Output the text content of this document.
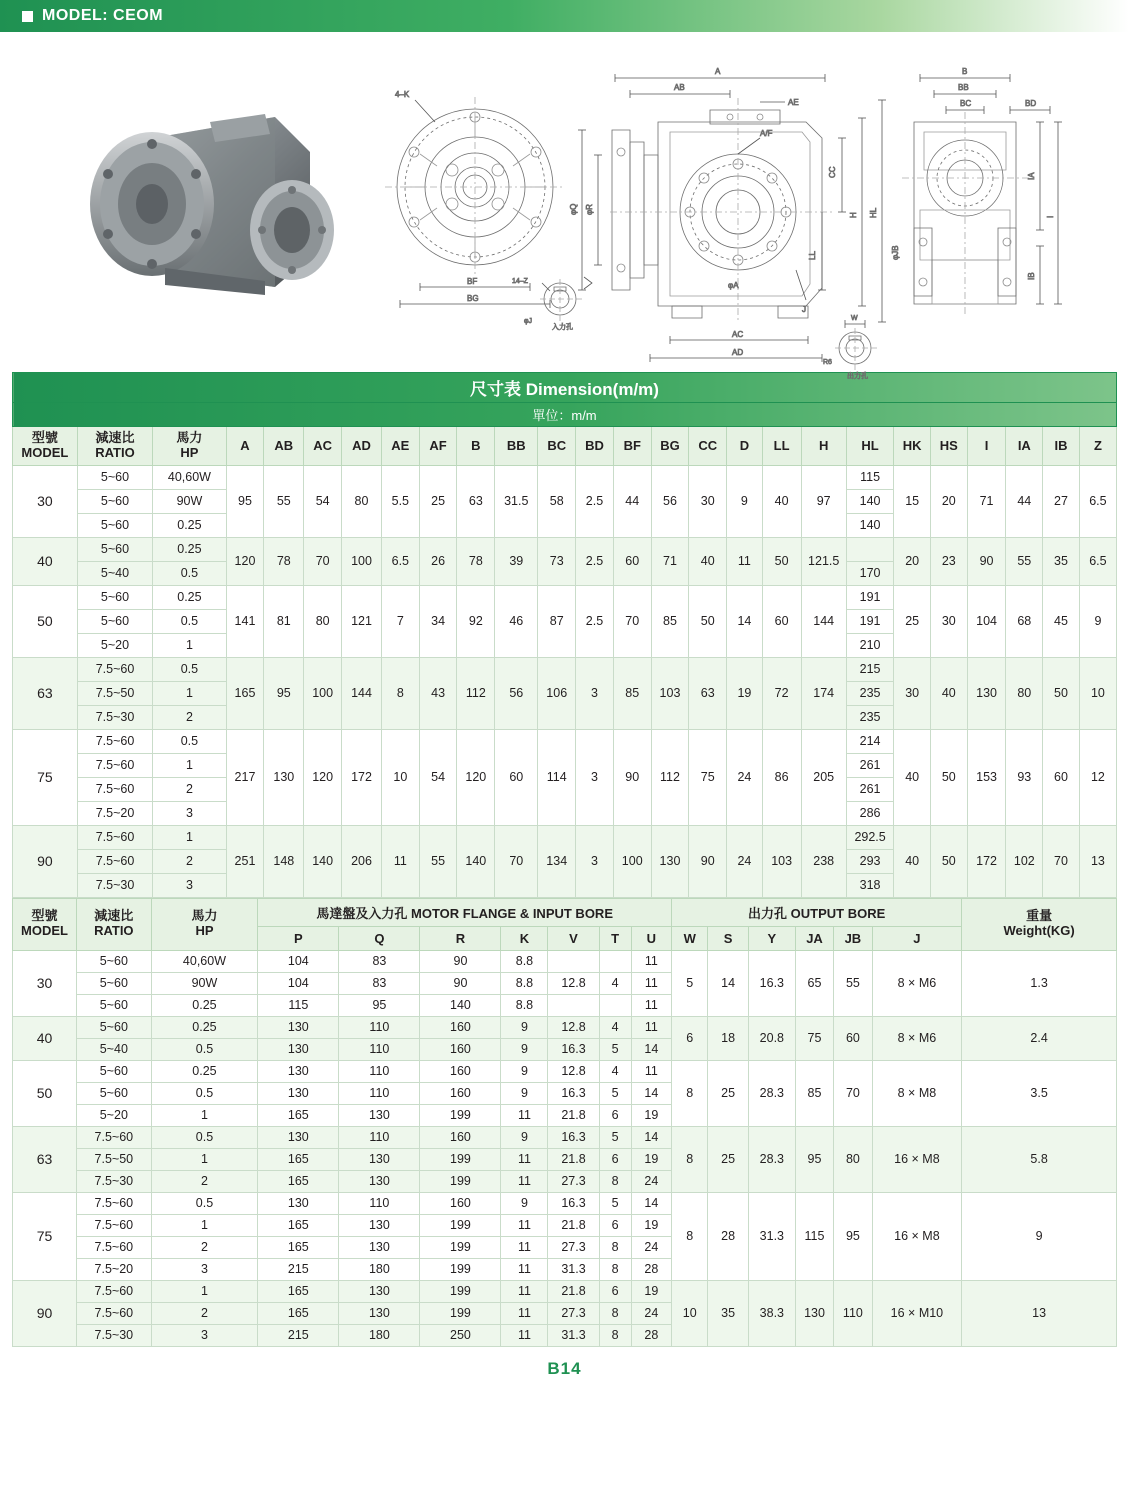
MODEL: CEOM
4–K
BF
BG
14–Z
φJ
入力孔
A
AB
CC
H HL
LL
φR
φQ
AE
A/F
AC
AD
J
φA
W
R6
出力孔
B
BB
BC	BD
IA
I
IB
φJB
尺寸表 Dimension(m/m)																									
單位：m/m																									

型號
MODEL

減速比
RATIO

馬力
HP	A	AB	AC	AD	AE	AF	B	BB	BC	BD	BF	BG	CC	D	LL	H	HL	HK	HS	I	IA	IB	Z
30	5~60	40,60W	95	55	54	80	5.5	25	63	31.5	58	2.5	44	56	30	9	40	97	115	15	20	71	44	27	6.5
	5~60	90W																	140						
	5~60	0.25																	140						
40	5~60	0.25	120	78	70	100	6.5	26	78	39	73	2.5	60	71	40	11	50	121.5		20	23	90	55	35	6.5
	5~40	0.5																	170						
50	5~60	0.25	141	81	80	121	7	34	92	46	87	2.5	70	85	50	14	60	144	191	25	30	104	68	45	9
	5~60	0.5																	191						
	5~20	1																	210						
63	7.5~60	0.5	165	95	100	144	8	43	112	56	106	3	85	103	63	19	72	174	215	30	40	130	80	50	10
	7.5~50	1																	235						
	7.5~30	2																	235						
75	7.5~60	0.5	217	130	120	172	10	54	120	60	114	3	90	112	75	24	86	205	214	40	50	153	93	60	12
	7.5~60	1																	261						
	7.5~60	2																	261						
	7.5~20	3																	286						
90	7.5~60	1	251	148	140	206	11	55	140	70	134	3	100	130	90	24	103	238	292.5	40	50	172	102	70	13
	7.5~60	2																	293						
	7.5~30	3																	318						
型號
MODEL

減速比
RATIO

馬力
HP
	馬達盤及入力孔 MOTOR FLANGE & INPUT BORE	出力孔 OUTPUT BORE	重量
Weight(KG)

			P	Q	R	K	V	T	U	W	S	Y	JA	JB	J	
30	5~60	40,60W	104	83	90	8.8			11	5	14	16.3	65	55	8 × M6	1.3
	5~60	90W	104	83	90	8.8	12.8	4	11							
	5~60	0.25	115	95	140	8.8			11							
40	5~60	0.25	130	110	160	9	12.8	4	11	6	18	20.8	75	60	8 × M6	2.4
	5~40	0.5	130	110	160	9	16.3	5	14							
50	5~60	0.25	130	110	160	9	12.8	4	11	8	25	28.3	85	70	8 × M8	3.5
	5~60	0.5	130	110	160	9	16.3	5	14							
	5~20	1	165	130	199	11	21.8	6	19							
63	7.5~60	0.5	130	110	160	9	16.3	5	14	8	25	28.3	95	80	16 × M8	5.8
	7.5~50	1	165	130	199	11	21.8	6	19							
	7.5~30	2	165	130	199	11	27.3	8	24							
75	7.5~60	0.5	130	110	160	9	16.3	5	14	8	28	31.3	115	95	16 × M8	9
	7.5~60	1	165	130	199	11	21.8	6	19							
	7.5~60	2	165	130	199	11	27.3	8	24							
	7.5~20	3	215	180	199	11	31.3	8	28							
90	7.5~60	1	165	130	199	11	21.8	6	19	10	35	38.3	130	110	16 × M10	13
	7.5~60	2	165	130	199	11	27.3	8	24							
	7.5~30	3	215	180	250	11	31.3	8	28							
B14
